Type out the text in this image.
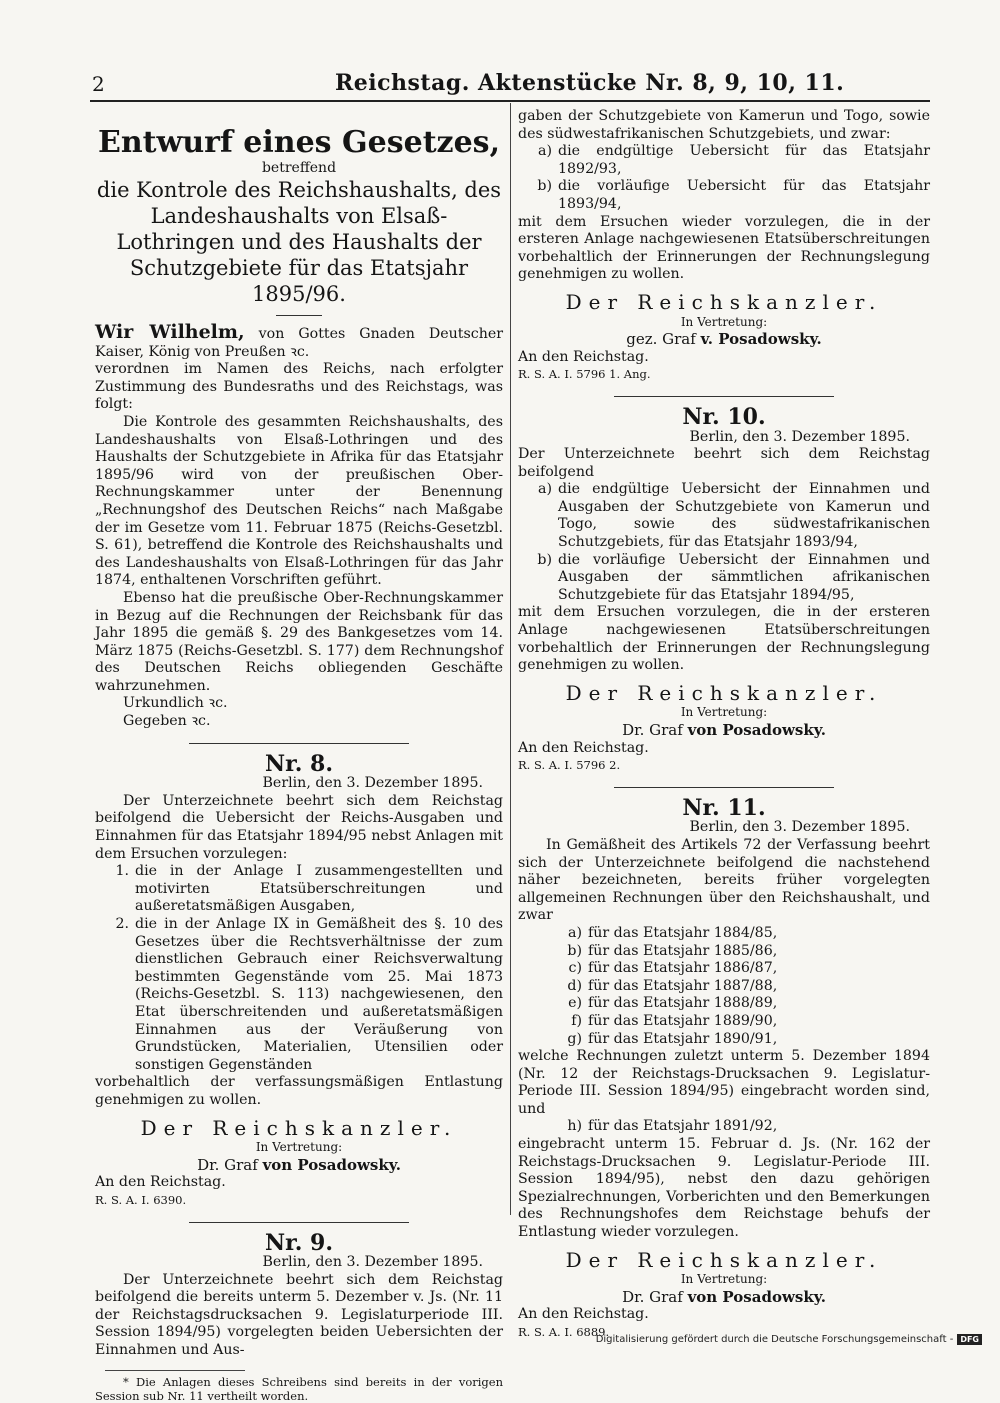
2	Reichstag. Aktenstücke Nr. 8, 9, 10, 11.
Entwurf eines Gesetzes,
betreffend
die Kontrole des Reichshaushalts, des Landeshaushalts von Elsaß-Lothringen und des Haushalts der Schutzgebiete für das Etatsjahr 1895/96.

Wir Wilhelm, von Gottes Gnaden Deutscher Kaiser, König von Preußen ꝛc.

verordnen im Namen des Reichs, nach erfolgter Zustimmung des Bundesraths und des Reichstags, was folgt:

Die Kontrole des gesammten Reichshaushalts, des Landeshaushalts von Elsaß-Lothringen und des Haushalts der Schutzgebiete in Afrika für das Etatsjahr 1895/96 wird von der preußischen Ober-Rechnungskammer unter der Benennung „Rechnungshof des Deutschen Reichs“ nach Maßgabe der im Gesetze vom 11. Februar 1875 (Reichs-Gesetzbl. S. 61), betreffend die Kontrole des Reichshaushalts und des Landeshaushalts von Elsaß-Lothringen für das Jahr 1874, enthaltenen Vorschriften geführt.

Ebenso hat die preußische Ober-Rechnungskammer in Bezug auf die Rechnungen der Reichsbank für das Jahr 1895 die gemäß §. 29 des Bankgesetzes vom 14. März 1875 (Reichs-Gesetzbl. S. 177) dem Rechnungshof des Deutschen Reichs obliegenden Geschäfte wahrzunehmen.

Urkundlich ꝛc.

Gegeben ꝛc.

Nr. 8.
Berlin, den 3. Dezember 1895.

Der Unterzeichnete beehrt sich dem Reichstag beifolgend die Uebersicht der Reichs-Ausgaben und Einnahmen für das Etatsjahr 1894/95 nebst Anlagen mit dem Ersuchen vorzulegen:

1. die in der Anlage I zusammengestellten und motivirten Etatsüberschreitungen und außeretatsmäßigen Ausgaben,
2. die in der Anlage IX in Gemäßheit des §. 10 des Gesetzes über die Rechtsverhältnisse der zum dienstlichen Gebrauch einer Reichsverwaltung bestimmten Gegenstände vom 25. Mai 1873 (Reichs-Gesetzbl. S. 113) nachgewiesenen, den Etat überschreitenden und außeretatsmäßigen Einnahmen aus der Veräußerung von Grundstücken, Materialien, Utensilien oder sonstigen Gegenständen

vorbehaltlich der verfassungsmäßigen Entlastung genehmigen zu wollen.

Der Reichskanzler.
In Vertretung:
Dr. Graf von Posadowsky.

An den Reichstag.

R. S. A. I. 6390.

Nr. 9.
Berlin, den 3. Dezember 1895.

Der Unterzeichnete beehrt sich dem Reichstag beifolgend die bereits unterm 5. Dezember v. Js. (Nr. 11 der Reichstagsdrucksachen 9. Legislaturperiode III. Session 1894/95) vorgelegten beiden Uebersichten der Einnahmen und Aus-

* Die Anlagen dieses Schreibens sind bereits in der vorigen Session sub Nr. 11 vertheilt worden.

gaben der Schutzgebiete von Kamerun und Togo, sowie des südwestafrikanischen Schutzgebiets, und zwar:

a) die endgültige Uebersicht für das Etatsjahr 1892/93,
b) die vorläufige Uebersicht für das Etatsjahr 1893/94,

mit dem Ersuchen wieder vorzulegen, die in der ersteren Anlage nachgewiesenen Etatsüberschreitungen vorbehaltlich der Erinnerungen der Rechnungslegung genehmigen zu wollen.

Der Reichskanzler.
In Vertretung:
gez. Graf v. Posadowsky.

An den Reichstag.

R. S. A. I. 5796 1. Ang.

Nr. 10.
Berlin, den 3. Dezember 1895.

Der Unterzeichnete beehrt sich dem Reichstag beifolgend

a) die endgültige Uebersicht der Einnahmen und Ausgaben der Schutzgebiete von Kamerun und Togo, sowie des südwestafrikanischen Schutzgebiets, für das Etatsjahr 1893/94,
b) die vorläufige Uebersicht der Einnahmen und Ausgaben der sämmtlichen afrikanischen Schutzgebiete für das Etatsjahr 1894/95,

mit dem Ersuchen vorzulegen, die in der ersteren Anlage nachgewiesenen Etatsüberschreitungen vorbehaltlich der Erinnerungen der Rechnungslegung genehmigen zu wollen.

Der Reichskanzler.
In Vertretung:
Dr. Graf von Posadowsky.

An den Reichstag.

R. S. A. I. 5796 2.

Nr. 11.
Berlin, den 3. Dezember 1895.

In Gemäßheit des Artikels 72 der Verfassung beehrt sich der Unterzeichnete beifolgend die nachstehend näher bezeichneten, bereits früher vorgelegten allgemeinen Rechnungen über den Reichshaushalt, und zwar

a) für das Etatsjahr 1884/85,
b) für das Etatsjahr 1885/86,
c) für das Etatsjahr 1886/87,
d) für das Etatsjahr 1887/88,
e) für das Etatsjahr 1888/89,
f) für das Etatsjahr 1889/90,
g) für das Etatsjahr 1890/91,

welche Rechnungen zuletzt unterm 5. Dezember 1894 (Nr. 12 der Reichstags-Drucksachen 9. Legislatur-Periode III. Session 1894/95) eingebracht worden sind, und

h) für das Etatsjahr 1891/92,

eingebracht unterm 15. Februar d. Js. (Nr. 162 der Reichstags-Drucksachen 9. Legislatur-Periode III. Session 1894/95), nebst den dazu gehörigen Spezialrechnungen, Vorberichten und den Bemerkungen des Rechnungshofes dem Reichstage behufs der Entlastung wieder vorzulegen.

Der Reichskanzler.
In Vertretung:
Dr. Graf von Posadowsky.

An den Reichstag.

R. S. A. I. 6889.

Digitalisierung gefördert durch die Deutsche Forschungsgemeinschaft - DFG
